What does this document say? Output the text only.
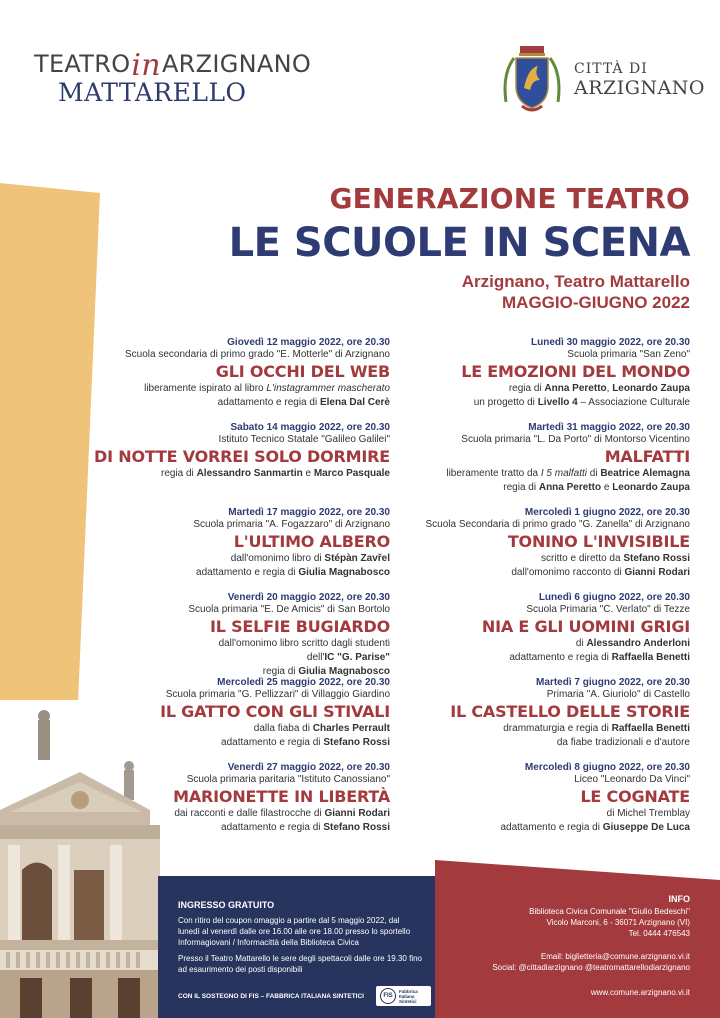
TEATRO in ARZIGNANO
MATTARELLO
CITTÀ DI
ARZIGNANO
GENERAZIONE TEATRO
LE SCUOLE IN SCENA
Arzignano, Teatro Mattarello
MAGGIO-GIUGNO 2022
Giovedì 12 maggio 2022, ore 20.30
Scuola secondaria di primo grado "E. Motterle" di Arzignano
GLI OCCHI DEL WEB
liberamente ispirato al libro L'instagrammer mascherato
adattamento e regia di Elena Dal Cerè
Sabato 14 maggio 2022, ore 20.30
Istituto Tecnico Statale "Galileo Galilei"
DI NOTTE VORREI SOLO DORMIRE
regia di Alessandro Sanmartin e Marco Pasquale
Martedì 17 maggio 2022, ore 20.30
Scuola primaria "A. Fogazzaro" di Arzignano
L'ULTIMO ALBERO
dall'omonimo libro di Stépàn Zavřel
adattamento e regia di Giulia Magnabosco
Venerdì 20 maggio 2022, ore 20.30
Scuola primaria "E. De Amicis" di San Bortolo
IL SELFIE BUGIARDO
dall'omonimo libro scritto dagli studenti
dell'IC "G. Parise"
regia di Giulia Magnabosco
Mercoledì 25 maggio 2022, ore 20.30
Scuola primaria "G. Pellizzari" di Villaggio Giardino
IL GATTO CON GLI STIVALI
dalla fiaba di Charles Perrault
adattamento e regia di Stefano Rossi
Venerdì 27 maggio 2022, ore 20.30
Scuola primaria paritaria "Istituto Canossiano"
MARIONETTE IN LIBERTÀ
dai racconti e dalle filastrocche di Gianni Rodari
adattamento e regia di Stefano Rossi
Lunedì 30 maggio 2022, ore 20.30
Scuola primaria "San Zeno"
LE EMOZIONI DEL MONDO
regia di Anna Peretto, Leonardo Zaupa
un progetto di Livello 4 – Associazione Culturale
Martedì 31 maggio 2022, ore 20.30
Scuola primaria "L. Da Porto" di Montorso Vicentino
MALFATTI
liberamente tratto da I 5 malfatti di Beatrice Alemagna
regia di Anna Peretto e Leonardo Zaupa
Mercoledì 1 giugno 2022, ore 20.30
Scuola Secondaria di primo grado "G. Zanella" di Arzignano
TONINO L'INVISIBILE
scritto e diretto da Stefano Rossi
dall'omonimo racconto di Gianni Rodari
Lunedì 6 giugno 2022, ore 20.30
Scuola Primaria "C. Verlato" di Tezze
NIA E GLI UOMINI GRIGI
di Alessandro Anderloni
adattamento e regia di Raffaella Benetti
Martedì 7 giugno 2022, ore 20.30
Primaria "A. Giuriolo" di Castello
IL CASTELLO DELLE STORIE
drammaturgia e regia di Raffaella Benetti
da fiabe tradizionali e d'autore
Mercoledì 8 giugno 2022, ore 20.30
Liceo "Leonardo Da Vinci"
LE COGNATE
di Michel Tremblay
adattamento e regia di Giuseppe De Luca
INGRESSO GRATUITO

Con ritiro del coupon omaggio a partire dal 5 maggio 2022, dal lunedì al venerdì dalle ore 16.00 alle ore 18.00 presso lo sportello Informagiovani / Informacittà della Biblioteca Civica

Presso il Teatro Mattarello le sere degli spettacoli dalle ore 19.30 fino ad esaurimento dei posti disponibili

CON IL SOSTEGNO DI FIS – FABBRICA ITALIANA SINTETICI	FIS
Fabbrica Italiana Sintetici
INFO

Biblioteca Civica Comunale "Giulio Bedeschi"
Vicolo Marconi, 6 - 36071 Arzignano (VI)
Tel. 0444 476543

Email: biglietteria@comune.arzignano.vi.it
Social: @cittadiarzignano @teatromattarellodiarzignano

www.comune.arzignano.vi.it
